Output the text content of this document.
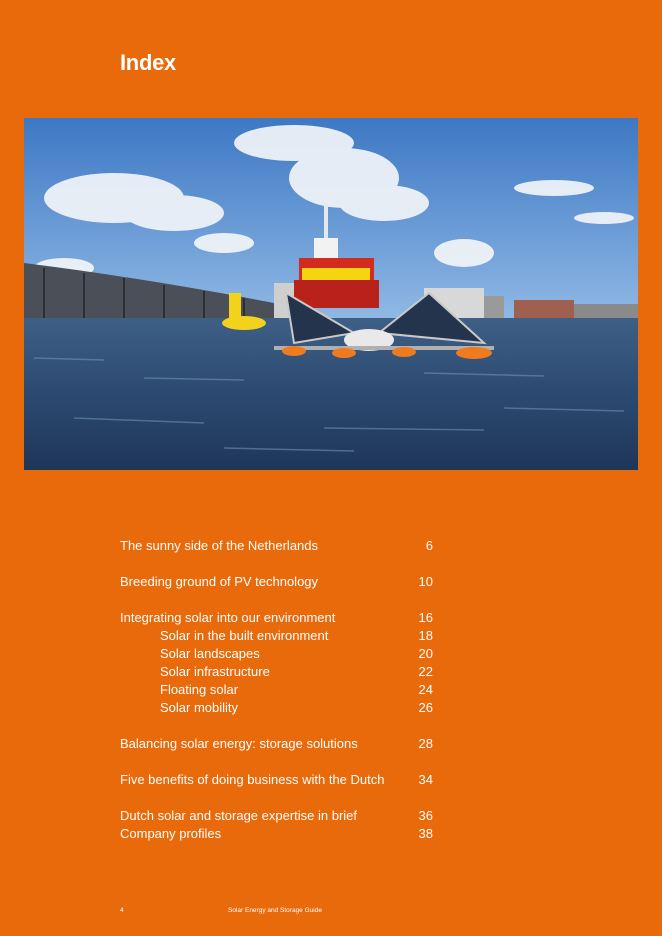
Index
The sunny side of the Netherlands	6
Breeding ground of PV technology	10
Integrating solar into our environment	16
Solar in the built environment	18
Solar landscapes	20
Solar infrastructure	22
Floating solar	24
Solar mobility	26
Balancing solar energy: storage solutions	28
Five benefits of doing business with the Dutch	34
Dutch solar and storage expertise in brief	36
Company profiles	38
4	Solar Energy and Storage Guide
